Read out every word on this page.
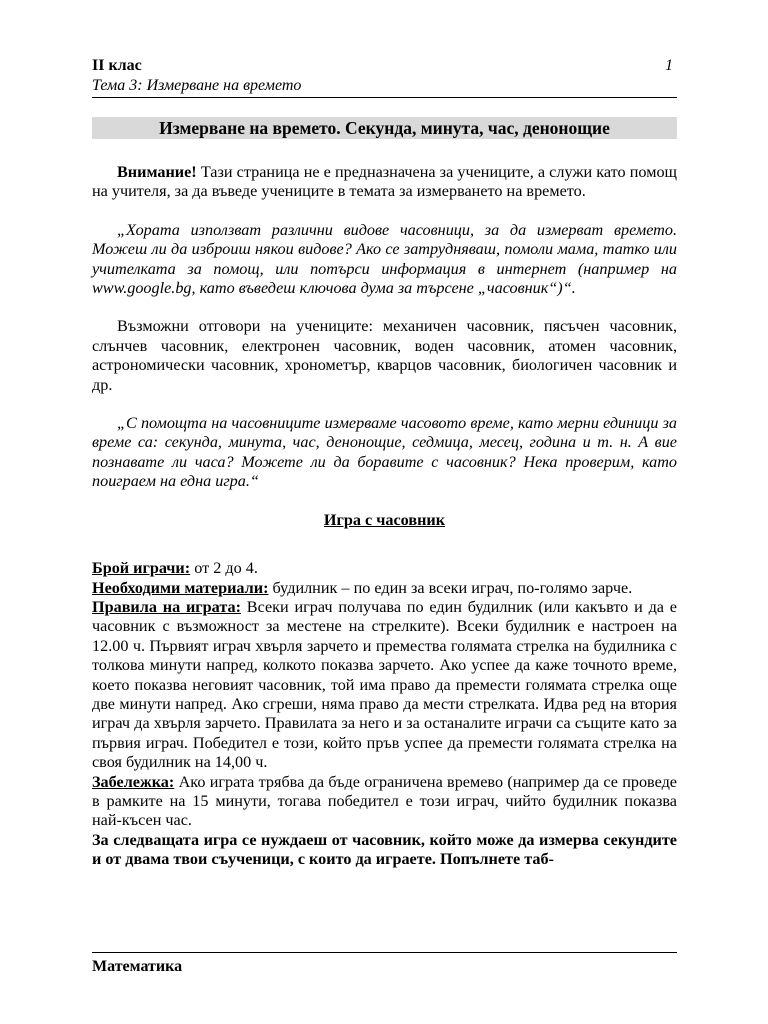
II клас	1
Тема 3: Измерване на времето
Измерване на времето. Секунда, минута, час, денонощие

Внимание! Тази страница не е предназначена за учениците, а служи като помощ на учителя, за да въведе учениците в темата за измерването на времето.

„Хората използват различни видове часовници, за да измерват времето. Можеш ли да изброиш някои видове? Ако се затрудняваш, помоли мама, татко или учителката за помощ, или потърси информация в интернет (например на www.google.bg, като въведеш ключова дума за търсене „часовник“)“.

Възможни отговори на учениците: механичен часовник, пясъчен часовник, слънчев часовник, електронен часовник, воден часовник, атомен часовник, астрономически часовник, хронометър, кварцов часовник, биологичен часовник и др.

„С помощта на часовниците измерваме часовото време, като мерни единици за време са: секунда, минута, час, денонощие, седмица, месец, година и т. н. А вие познавате ли часа? Можете ли да боравите с часовник? Нека проверим, като поиграем на една игра.“

Игра с часовник

Брой играчи: от 2 до 4.

Необходими материали: будилник – по един за всеки играч, по-голямо зарче.

Правила на играта: Всеки играч получава по един будилник (или какъвто и да е часовник с възможност за местене на стрелките). Всеки будилник е настроен на 12.00 ч. Първият играч хвърля зарчето и премества голямата стрелка на будилника с толкова минути напред, колкото показва зарчето. Ако успее да каже точното време, което показва неговият часовник, той има право да премести голямата стрелка още две минути напред. Ако сгреши, няма право да мести стрелката. Идва ред на втория играч да хвърля зарчето. Правилата за него и за останалите играчи са същите като за първия играч. Победител е този, който пръв успее да премести голямата стрелка на своя будилник на 14,00 ч.

Забележка: Ако играта трябва да бъде ограничена времево (например да се проведе в рамките на 15 минути, тогава победител е този играч, чийто будилник показва най-късен час.

За следващата игра се нуждаеш от часовник, който може да измерва секундите и от двама твои съученици, с които да играете. Попълнете таб-

Математика
